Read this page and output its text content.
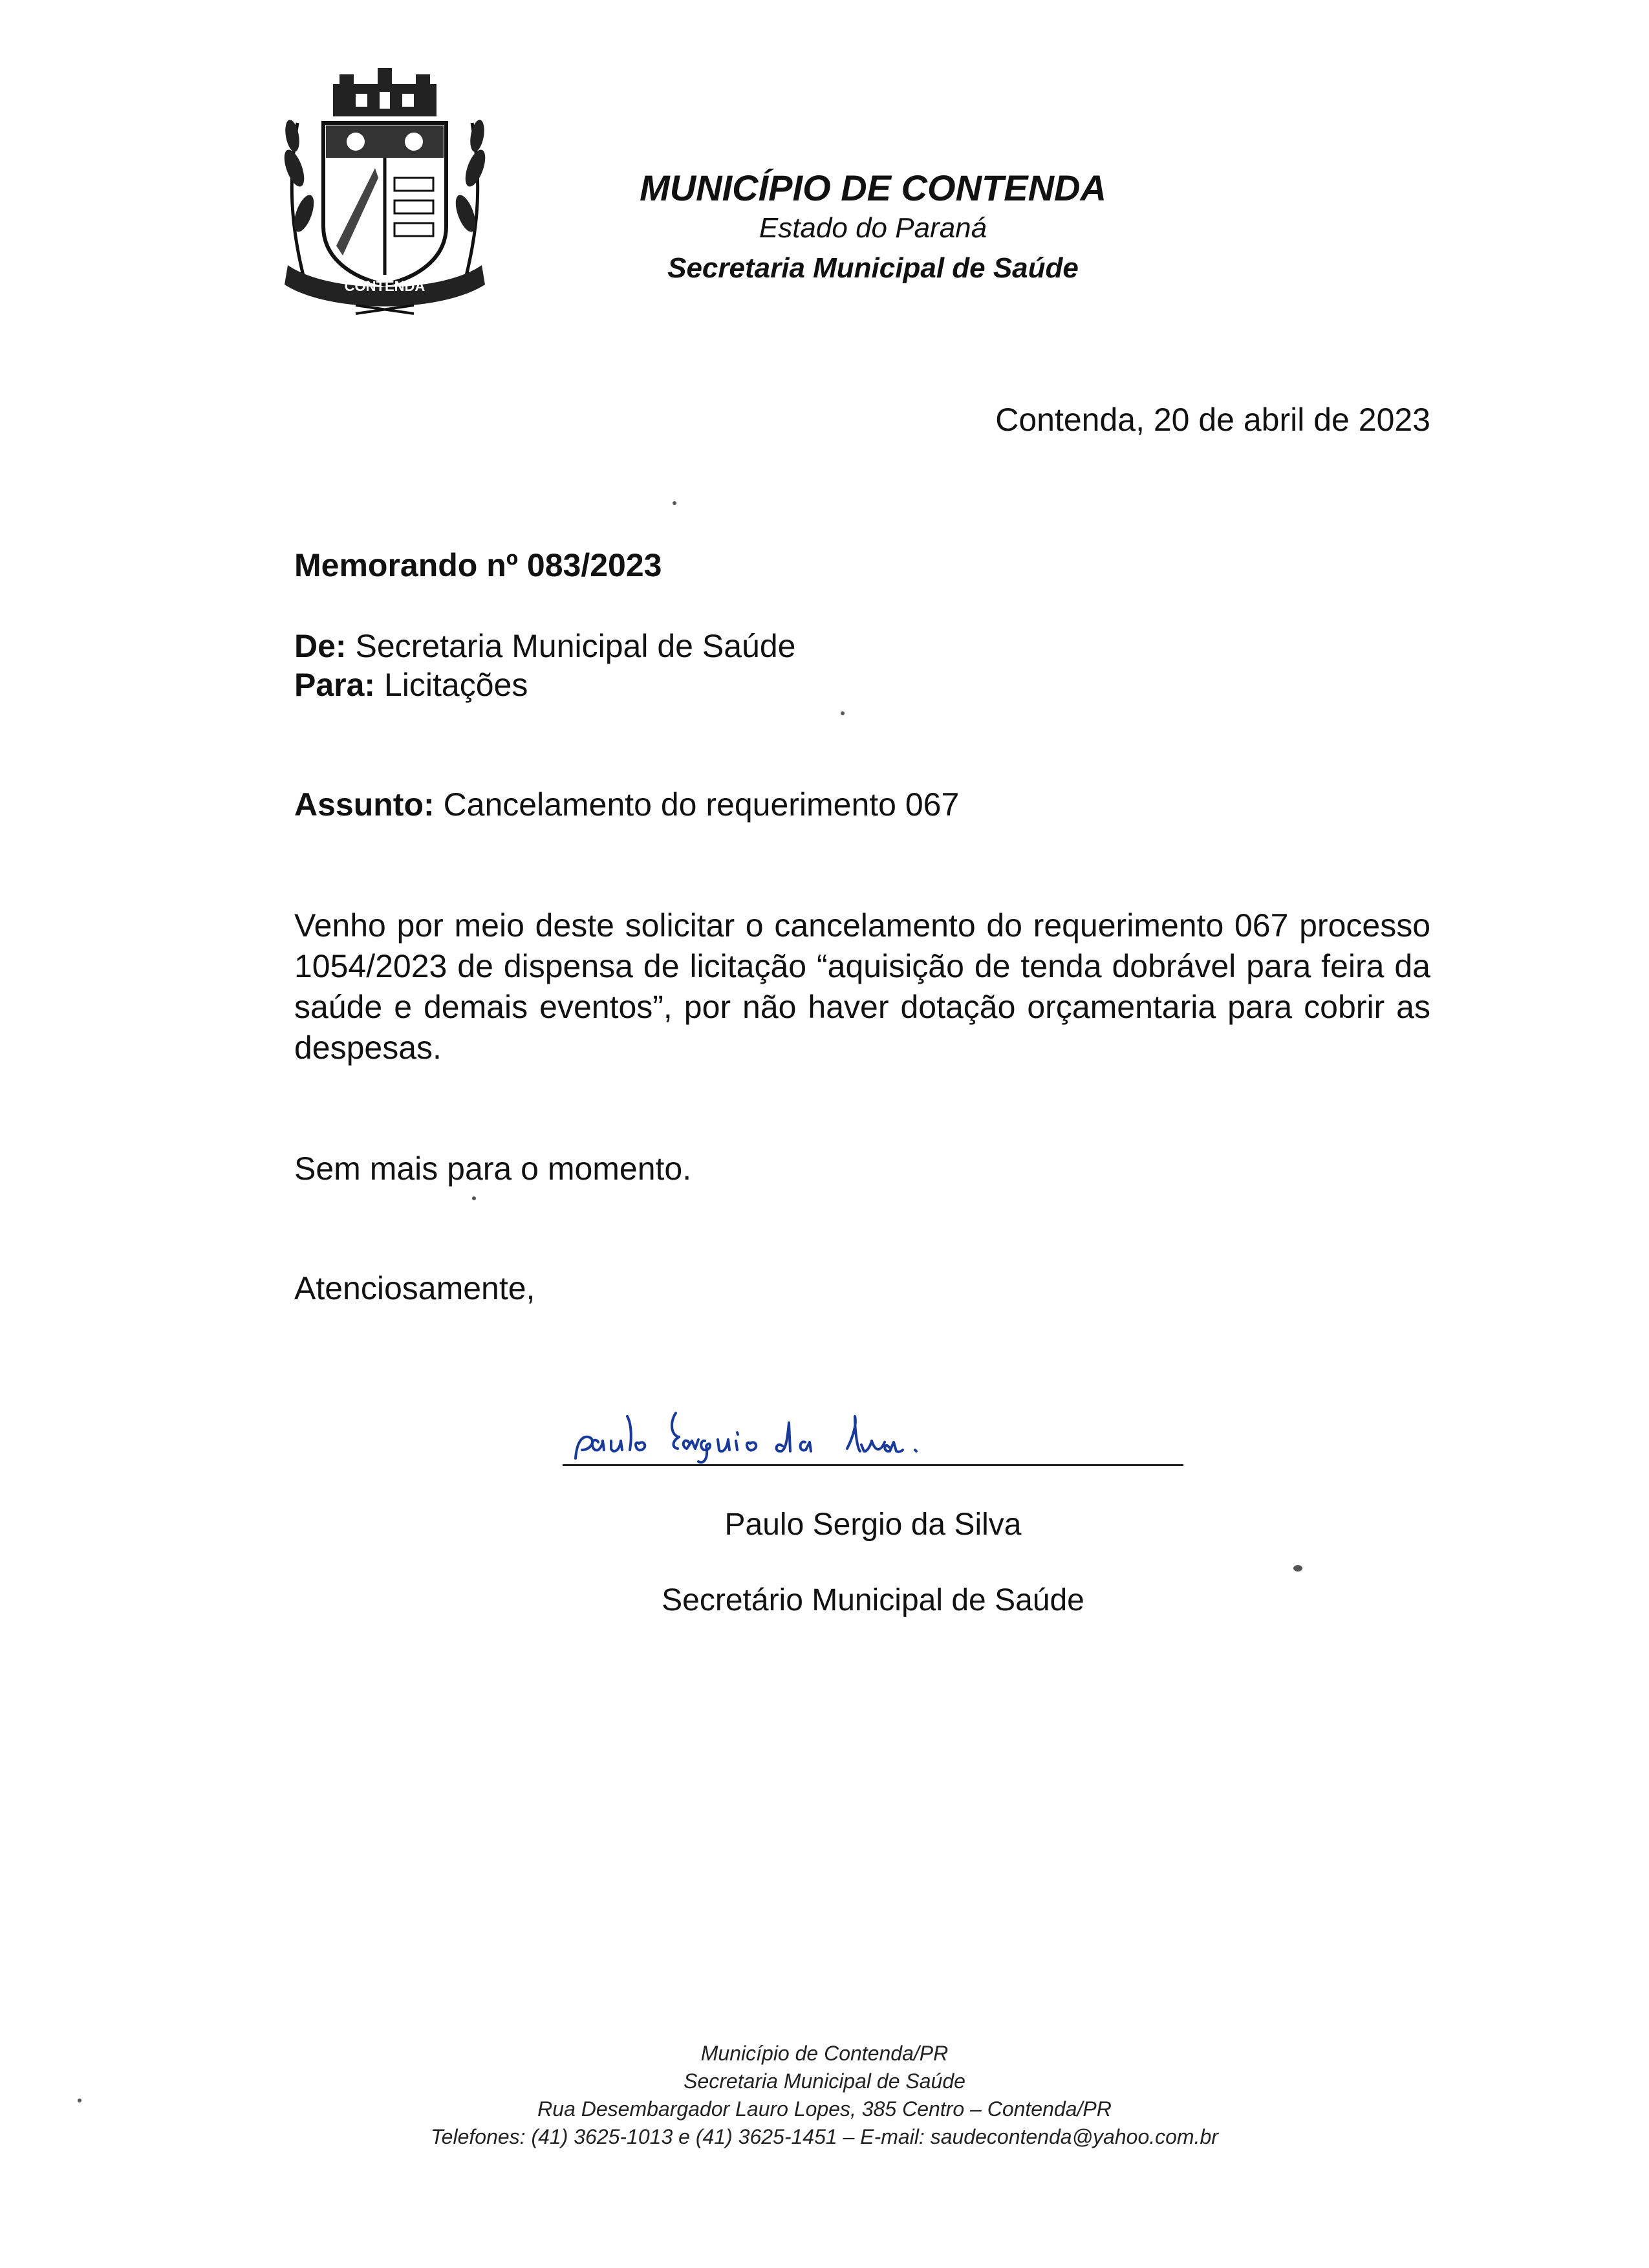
CONTENDA
MUNICÍPIO DE CONTENDA
Estado do Paraná
Secretaria Municipal de Saúde
Contenda, 20 de abril de 2023
Memorando nº 083/2023
De: Secretaria Municipal de Saúde
Para: Licitações
Assunto: Cancelamento do requerimento 067
Venho por meio deste solicitar o cancelamento do requerimento 067 processo 1054/2023 de dispensa de licitação “aquisição de tenda dobrável para feira da saúde e demais eventos”, por não haver dotação orçamentaria para cobrir as despesas.
Sem mais para o momento.
Atenciosamente,
Paulo Sergio da Silva
Secretário Municipal de Saúde
Município de Contenda/PR
Secretaria Municipal de Saúde
Rua Desembargador Lauro Lopes, 385 Centro – Contenda/PR
Telefones: (41) 3625-1013 e (41) 3625-1451 – E-mail: saudecontenda@yahoo.com.br
